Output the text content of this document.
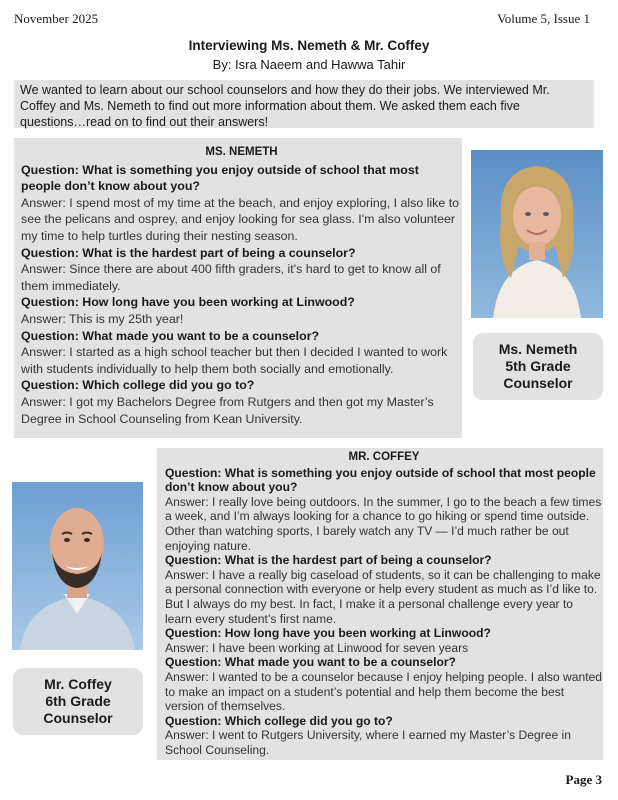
November 2025	Volume 5, Issue 1
Interviewing Ms. Nemeth & Mr. Coffey
By: Isra Naeem and Hawwa Tahir
We wanted to learn about our school counselors and how they do their jobs. We interviewed Mr. Coffey and Ms. Nemeth to find out more information about them. We asked them each five questions…read on to find out their answers!
MS. NEMETH
Question: What is something you enjoy outside of school that most people don’t know about you?
Answer: I spend most of my time at the beach, and enjoy exploring, I also like to see the pelicans and osprey, and enjoy looking for sea glass. I'm also volunteer my time to help turtles during their nesting season.
Question: What is the hardest part of being a counselor?
Answer: Since there are about 400 fifth graders, it's hard to get to know all of them immediately.
Question: How long have you been working at Linwood?
Answer: This is my 25th year!
Question: What made you want to be a counselor?
Answer: I started as a high school teacher but then I decided I wanted to work with students individually to help them both socially and emotionally.
Question: Which college did you go to?
Answer: I got my Bachelors Degree from Rutgers and then got my Master’s Degree in School Counseling from Kean University.
Ms. Nemeth
5th Grade
Counselor
MR. COFFEY
Question: What is something you enjoy outside of school that most people don’t know about you?
Answer: I really love being outdoors. In the summer, I go to the beach a few times a week, and I’m always looking for a chance to go hiking or spend time outside. Other than watching sports, I barely watch any TV — I’d much rather be out enjoying nature.
Question: What is the hardest part of being a counselor?
Answer: I have a really big caseload of students, so it can be challenging to make a personal connection with everyone or help every student as much as I’d like to. But I always do my best. In fact, I make it a personal challenge every year to learn every student’s first name.
Question: How long have you been working at Linwood?
Answer: I have been working at Linwood for seven years
Question: What made you want to be a counselor?
Answer: I wanted to be a counselor because I enjoy helping people. I also wanted to make an impact on a student’s potential and help them become the best version of themselves.
Question: Which college did you go to?
Answer: I went to Rutgers University, where I earned my Master’s Degree in School Counseling.
Mr. Coffey
6th Grade
Counselor
Page 3
